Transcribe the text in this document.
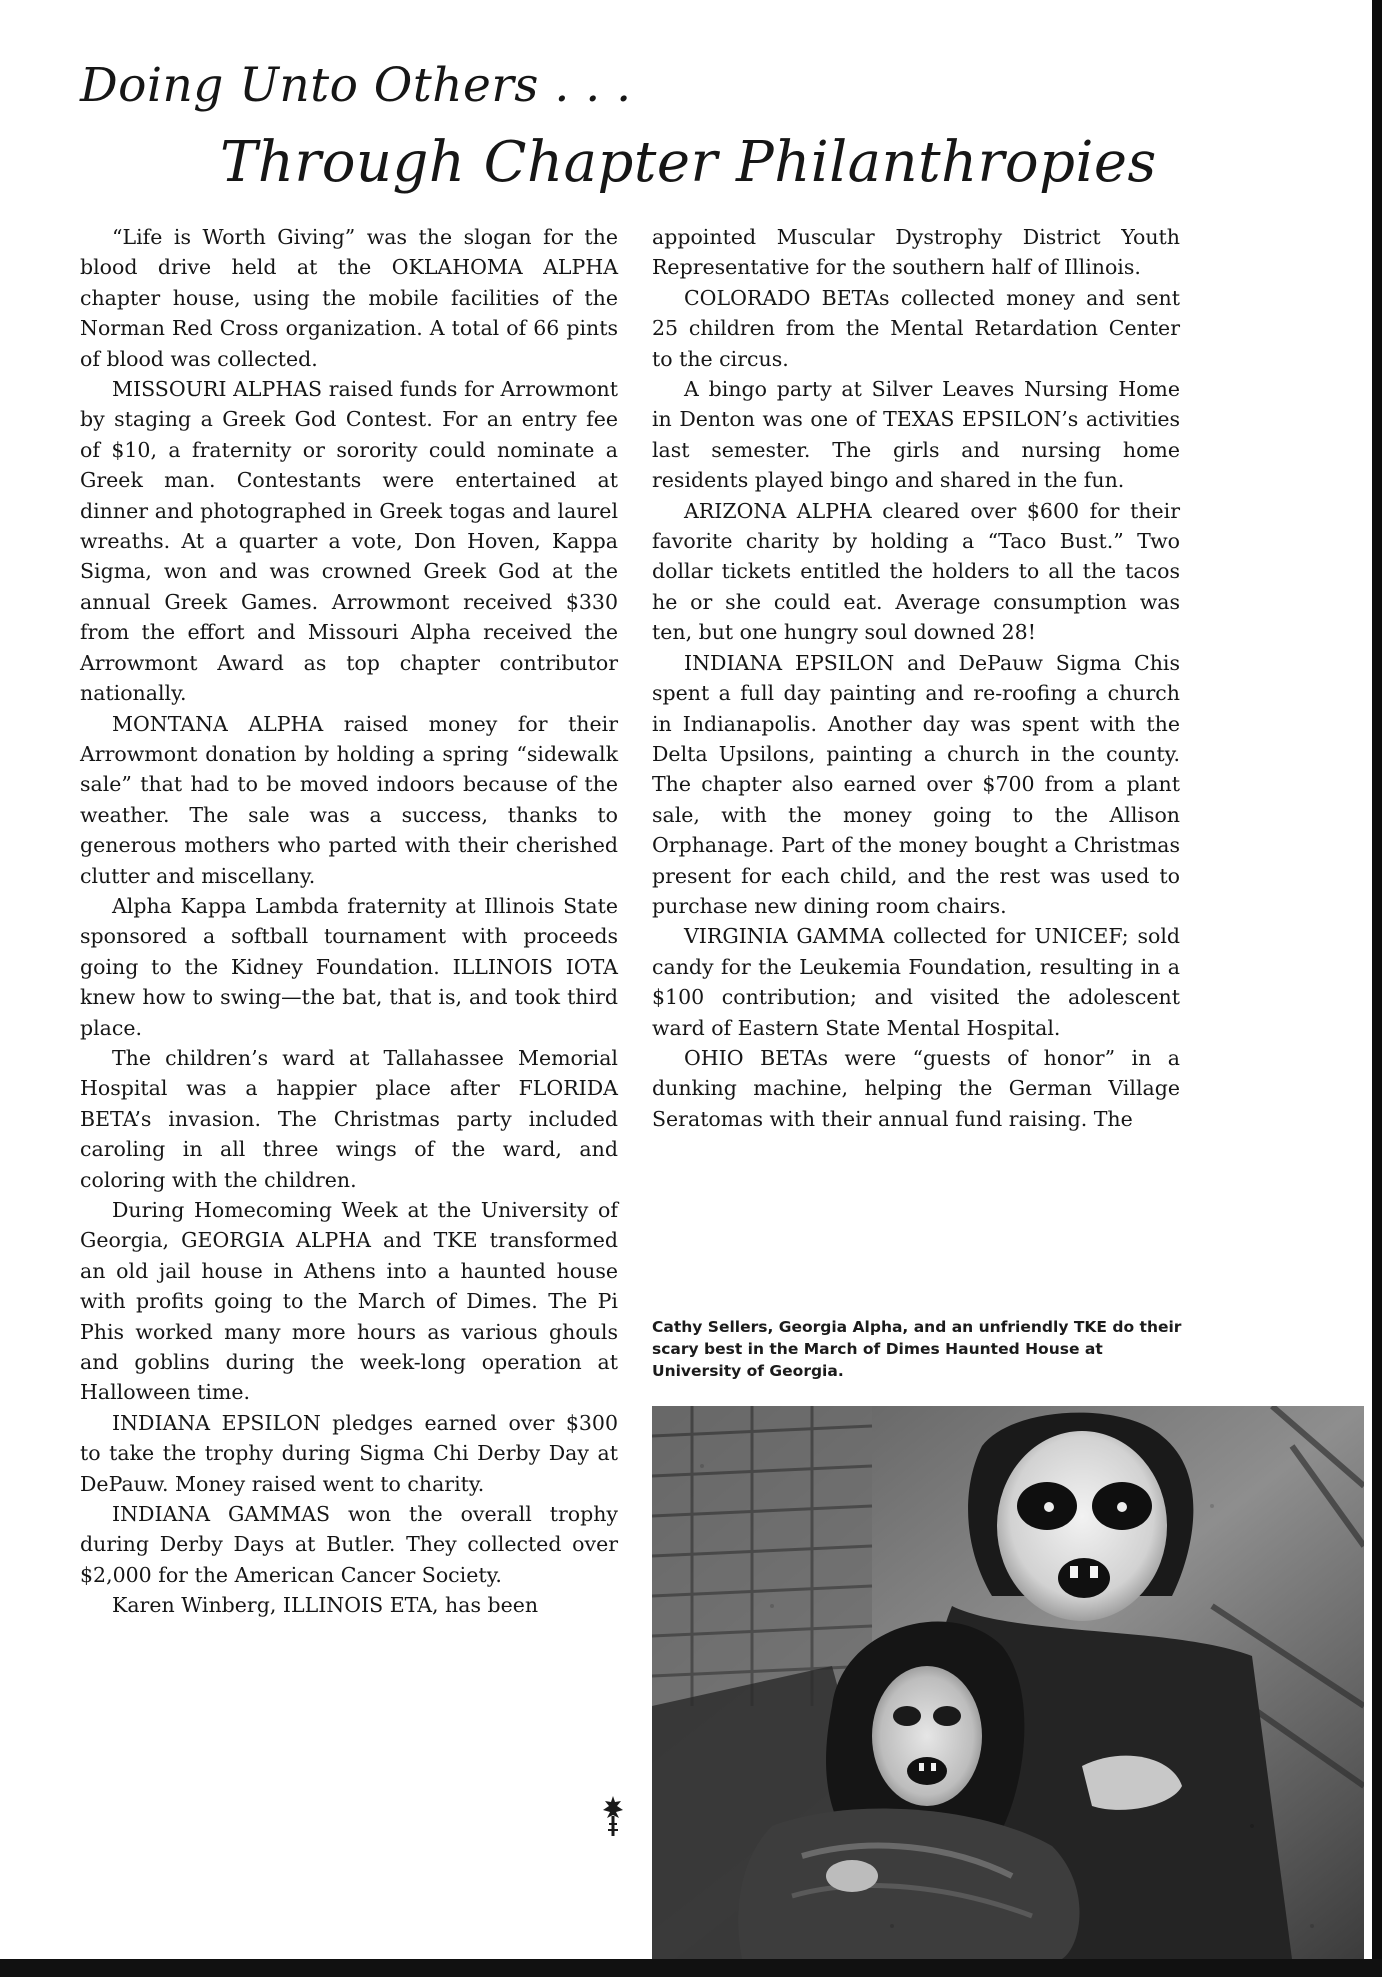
Doing Unto Others . . .
Through Chapter Philanthropies

“Life is Worth Giving” was the slogan for the blood drive held at the OKLAHOMA ALPHA chapter house, using the mobile facilities of the Norman Red Cross organization. A total of 66 pints of blood was collected.

MISSOURI ALPHAS raised funds for Arrowmont by staging a Greek God Contest. For an entry fee of $10, a fraternity or sorority could nominate a Greek man. Contestants were entertained at dinner and photographed in Greek togas and laurel wreaths. At a quarter a vote, Don Hoven, Kappa Sigma, won and was crowned Greek God at the annual Greek Games. Arrowmont received $330 from the effort and Missouri Alpha received the Arrowmont Award as top chapter contributor nationally.

MONTANA ALPHA raised money for their Arrowmont donation by holding a spring “sidewalk sale” that had to be moved indoors because of the weather. The sale was a success, thanks to generous mothers who parted with their cherished clutter and miscellany.

Alpha Kappa Lambda fraternity at Illinois State sponsored a softball tournament with proceeds going to the Kidney Foundation. ILLINOIS IOTA knew how to swing—the bat, that is, and took third place.

The children’s ward at Tallahassee Memorial Hospital was a happier place after FLORIDA BETA’s invasion. The Christmas party included caroling in all three wings of the ward, and coloring with the children.

During Homecoming Week at the University of Georgia, GEORGIA ALPHA and TKE transformed an old jail house in Athens into a haunted house with profits going to the March of Dimes. The Pi Phis worked many more hours as various ghouls and goblins during the week-long operation at Halloween time.

INDIANA EPSILON pledges earned over $300 to take the trophy during Sigma Chi Derby Day at DePauw. Money raised went to charity.

INDIANA GAMMAS won the overall trophy during Derby Days at Butler. They collected over $2,000 for the American Cancer Society.

Karen Winberg, ILLINOIS ETA, has been

appointed Muscular Dystrophy District Youth Representative for the southern half of Illinois.

COLORADO BETAs collected money and sent 25 children from the Mental Retardation Center to the circus.

A bingo party at Silver Leaves Nursing Home in Denton was one of TEXAS EPSILON’s activities last semester. The girls and nursing home residents played bingo and shared in the fun.

ARIZONA ALPHA cleared over $600 for their favorite charity by holding a “Taco Bust.” Two dollar tickets entitled the holders to all the tacos he or she could eat. Average consumption was ten, but one hungry soul downed 28!

INDIANA EPSILON and DePauw Sigma Chis spent a full day painting and re-roofing a church in Indianapolis. Another day was spent with the Delta Upsilons, painting a church in the county. The chapter also earned over $700 from a plant sale, with the money going to the Allison Orphanage. Part of the money bought a Christmas present for each child, and the rest was used to purchase new dining room chairs.

VIRGINIA GAMMA collected for UNICEF; sold candy for the Leukemia Foundation, resulting in a $100 contribution; and visited the adolescent ward of Eastern State Mental Hospital.

OHIO BETAs were “guests of honor” in a dunking machine, helping the German Village Seratomas with their annual fund raising. The

Cathy Sellers, Georgia Alpha, and an unfriendly TKE do their scary best in the March of Dimes Haunted House at University of Georgia.
